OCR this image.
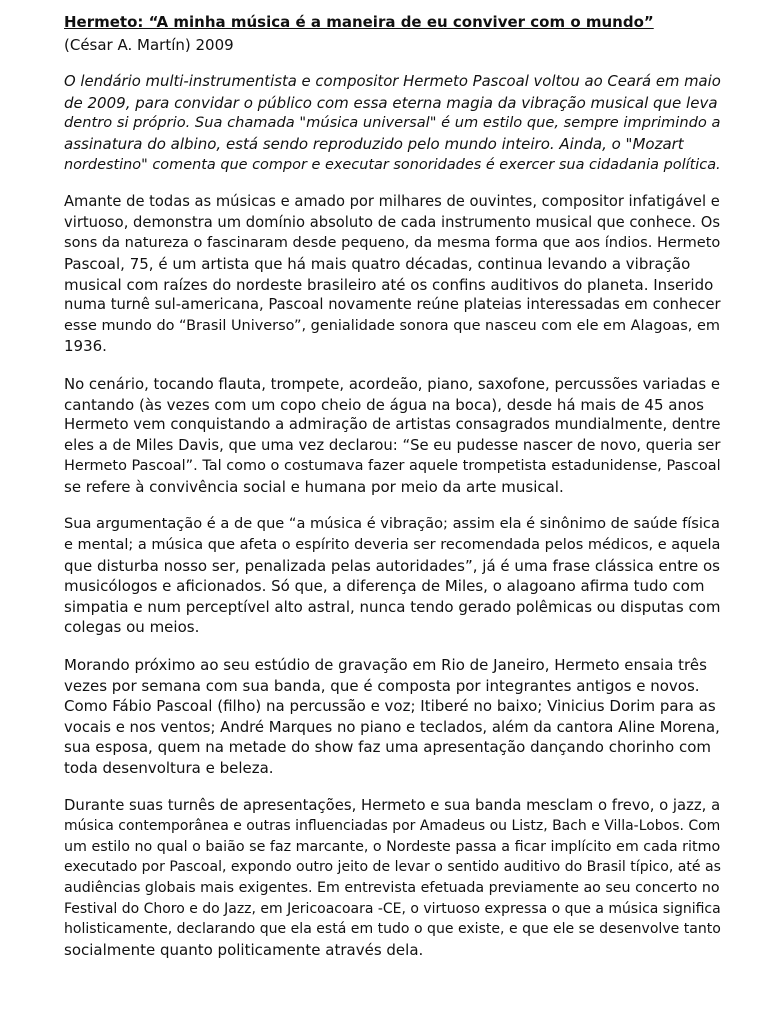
Hermeto: “A minha música é a maneira de eu conviver com o mundo”

(César A. Martín) 2009

O lendário multi-instrumentista e compositor Hermeto Pascoal voltou ao Ceará em maio
de 2009, para convidar o público com essa eterna magia da vibração musical que leva
dentro si próprio. Sua chamada "música universal" é um estilo que, sempre imprimindo a
assinatura do albino, está sendo reproduzido pelo mundo inteiro. Ainda, o "Mozart
nordestino" comenta que compor e executar sonoridades é exercer sua cidadania política.

Amante de todas as músicas e amado por milhares de ouvintes, compositor infatigável e
virtuoso, demonstra um domínio absoluto de cada instrumento musical que conhece. Os
sons da natureza o fascinaram desde pequeno, da mesma forma que aos índios. Hermeto
Pascoal, 75, é um artista que há mais quatro décadas, continua levando a vibração
musical com raízes do nordeste brasileiro até os confins auditivos do planeta. Inserido
numa turnê sul-americana, Pascoal novamente reúne plateias interessadas em conhecer
esse mundo do “Brasil Universo”, genialidade sonora que nasceu com ele em Alagoas, em
1936.

No cenário, tocando flauta, trompete, acordeão, piano, saxofone, percussões variadas e
cantando (às vezes com um copo cheio de água na boca), desde há mais de 45 anos
Hermeto vem conquistando a admiração de artistas consagrados mundialmente, dentre
eles a de Miles Davis, que uma vez declarou: “Se eu pudesse nascer de novo, queria ser
Hermeto Pascoal”. Tal como o costumava fazer aquele trompetista estadunidense, Pascoal
se refere à convivência social e humana por meio da arte musical.

Sua argumentação é a de que “a música é vibração; assim ela é sinônimo de saúde física
e mental; a música que afeta o espírito deveria ser recomendada pelos médicos, e aquela
que disturba nosso ser, penalizada pelas autoridades”, já é uma frase clássica entre os
musicólogos e aficionados. Só que, a diferença de Miles, o alagoano afirma tudo com
simpatia e num perceptível alto astral, nunca tendo gerado polêmicas ou disputas com
colegas ou meios.

Morando próximo ao seu estúdio de gravação em Rio de Janeiro, Hermeto ensaia três
vezes por semana com sua banda, que é composta por integrantes antigos e novos.
Como Fábio Pascoal (filho) na percussão e voz; Itiberé no baixo; Vinicius Dorim para as
vocais e nos ventos; André Marques no piano e teclados, além da cantora Aline Morena,
sua esposa, quem na metade do show faz uma apresentação dançando chorinho com
toda desenvoltura e beleza.

Durante suas turnês de apresentações, Hermeto e sua banda mesclam o frevo, o jazz, a
música contemporânea e outras influenciadas por Amadeus ou Listz, Bach e Villa-Lobos. Com
um estilo no qual o baião se faz marcante, o Nordeste passa a ficar implícito em cada ritmo
executado por Pascoal, expondo outro jeito de levar o sentido auditivo do Brasil típico, até as
audiências globais mais exigentes. Em entrevista efetuada previamente ao seu concerto no
Festival do Choro e do Jazz, em Jericoacoara -CE, o virtuoso expressa o que a música significa
holisticamente, declarando que ela está em tudo o que existe, e que ele se desenvolve tanto
socialmente quanto politicamente através dela.
